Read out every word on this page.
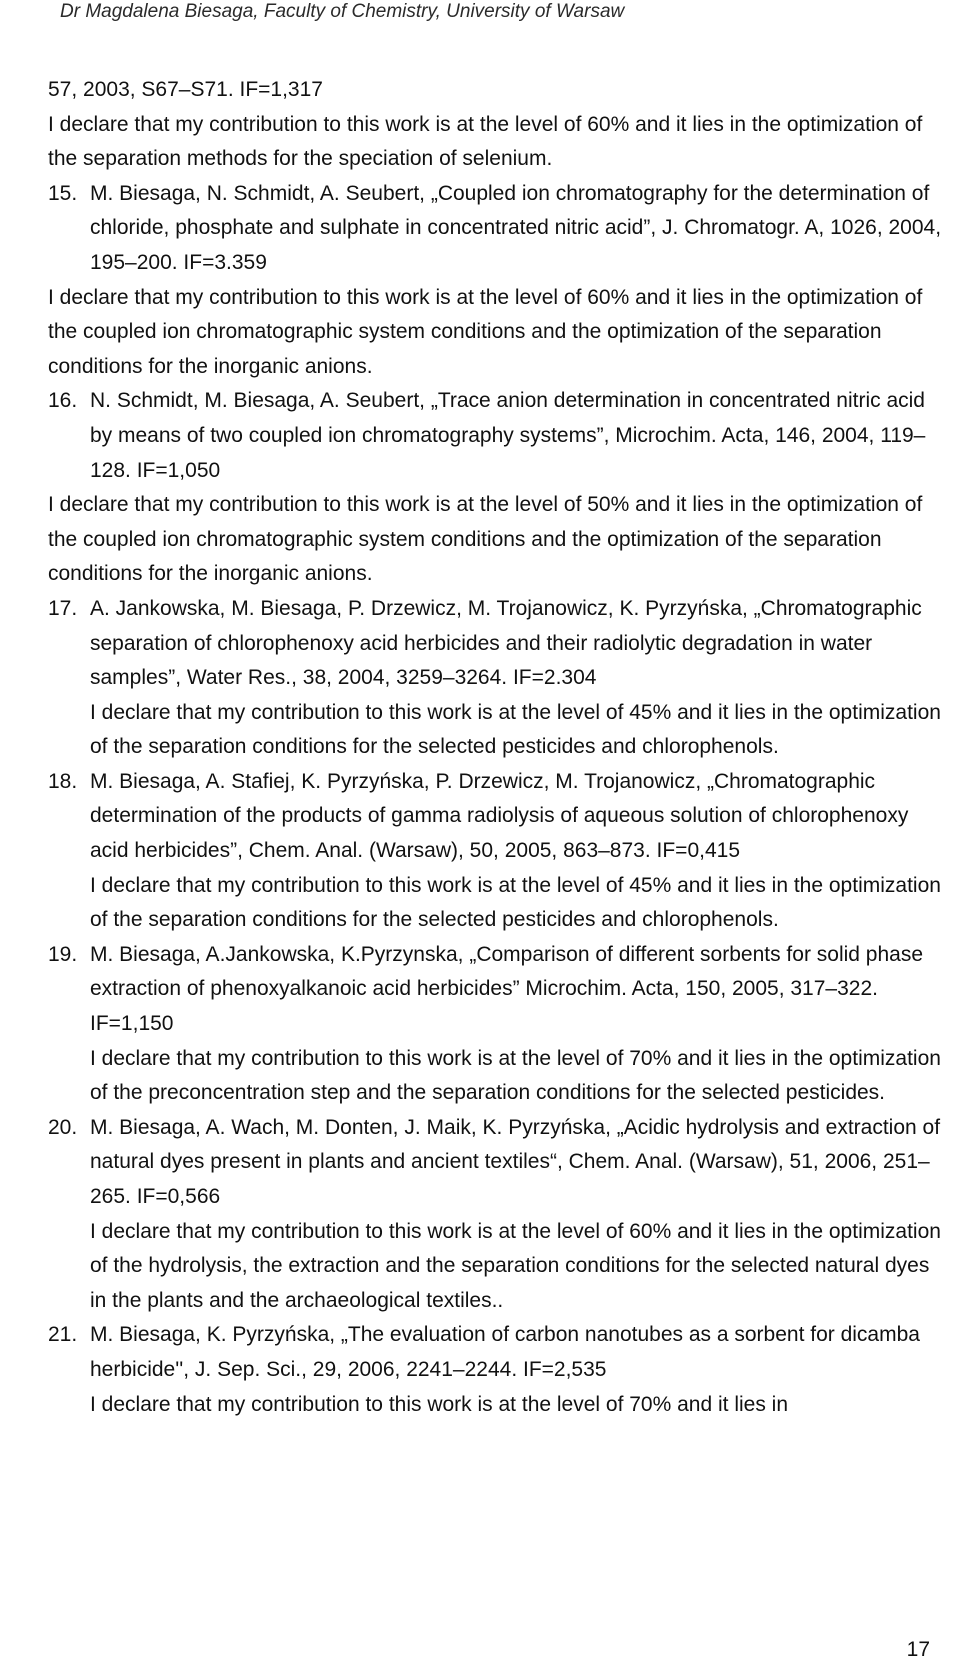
Dr Magdalena Biesaga, Faculty of Chemistry, University of Warsaw

57, 2003, S67–S71. IF=1,317

I declare that my contribution to this work is at the level of 60% and it lies in the optimization of the separation methods for the speciation of selenium.

15. M. Biesaga, N. Schmidt, A. Seubert, „Coupled ion chromatography for the determination of chloride, phosphate and sulphate in concentrated nitric acid”, J. Chromatogr. A, 1026, 2004, 195–200. IF=3.359
I declare that my contribution to this work is at the level of 60% and it lies in the optimization of the coupled ion chromatographic system conditions and the optimization of the separation conditions for the inorganic anions.
16. N. Schmidt, M. Biesaga, A. Seubert, „Trace anion determination in concentrated nitric acid by means of two coupled ion chromatography systems”, Microchim. Acta, 146, 2004, 119–128. IF=1,050
I declare that my contribution to this work is at the level of 50% and it lies in the optimization of the coupled ion chromatographic system conditions and the optimization of the separation conditions for the inorganic anions.
17. A. Jankowska, M. Biesaga, P. Drzewicz, M. Trojanowicz, K. Pyrzyńska, „Chromatographic separation of chlorophenoxy acid herbicides and their radiolytic degradation in water samples”, Water Res., 38, 2004, 3259–3264. IF=2.304
I declare that my contribution to this work is at the level of 45% and it lies in the optimization of the separation conditions for the selected pesticides and chlorophenols.
18. M. Biesaga, A. Stafiej, K. Pyrzyńska, P. Drzewicz, M. Trojanowicz, „Chromatographic determination of the products of gamma radiolysis of aqueous solution of chlorophenoxy acid herbicides”, Chem. Anal. (Warsaw), 50, 2005, 863–873. IF=0,415
I declare that my contribution to this work is at the level of 45% and it lies in the optimization of the separation conditions for the selected pesticides and chlorophenols.
19. M. Biesaga, A.Jankowska, K.Pyrzynska, „Comparison of different sorbents for solid phase extraction of phenoxyalkanoic acid herbicides” Microchim. Acta, 150, 2005, 317–322. IF=1,150
I declare that my contribution to this work is at the level of 70% and it lies in the optimization of the preconcentration step and the separation conditions for the selected pesticides.
20. M. Biesaga, A. Wach, M. Donten, J. Maik, K. Pyrzyńska, „Acidic hydrolysis and extraction of natural dyes present in plants and ancient textiles“, Chem. Anal. (Warsaw), 51, 2006, 251–265. IF=0,566
I declare that my contribution to this work is at the level of 60% and it lies in the optimization of the hydrolysis, the extraction and the separation conditions for the selected natural dyes in the plants and the archaeological textiles..
21. M. Biesaga, K. Pyrzyńska, „The evaluation of carbon nanotubes as a sorbent for dicamba herbicide'', J. Sep. Sci., 29, 2006, 2241–2244. IF=2,535
I declare that my contribution to this work is at the level of 70% and it lies in
17
